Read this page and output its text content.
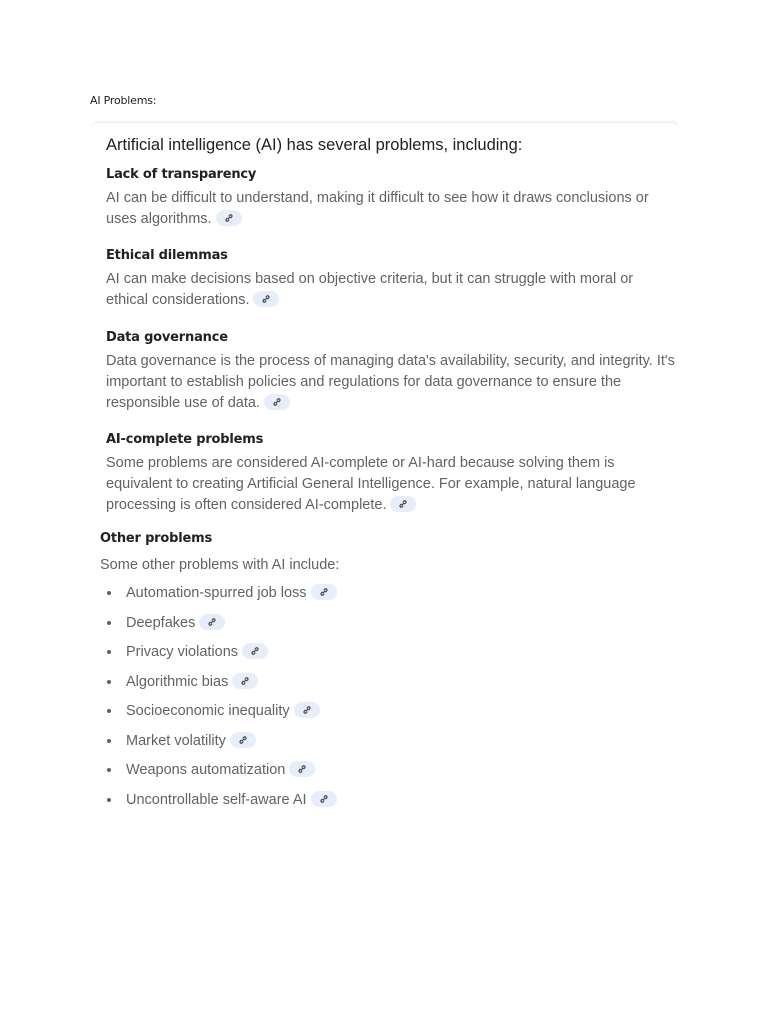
AI Problems:
Artificial intelligence (AI) has several problems, including:
Lack of transparency
AI can be difficult to understand, making it difficult to see how it draws conclusions or uses algorithms.
Ethical dilemmas
AI can make decisions based on objective criteria, but it can struggle with moral or ethical considerations.
Data governance
Data governance is the process of managing data's availability, security, and integrity. It's important to establish policies and regulations for data governance to ensure the responsible use of data.
AI-complete problems
Some problems are considered AI-complete or AI-hard because solving them is equivalent to creating Artificial General Intelligence. For example, natural language processing is often considered AI-complete.
Other problems
Some other problems with AI include:
Automation-spurred job loss
Deepfakes
Privacy violations
Algorithmic bias
Socioeconomic inequality
Market volatility
Weapons automatization
Uncontrollable self-aware AI
